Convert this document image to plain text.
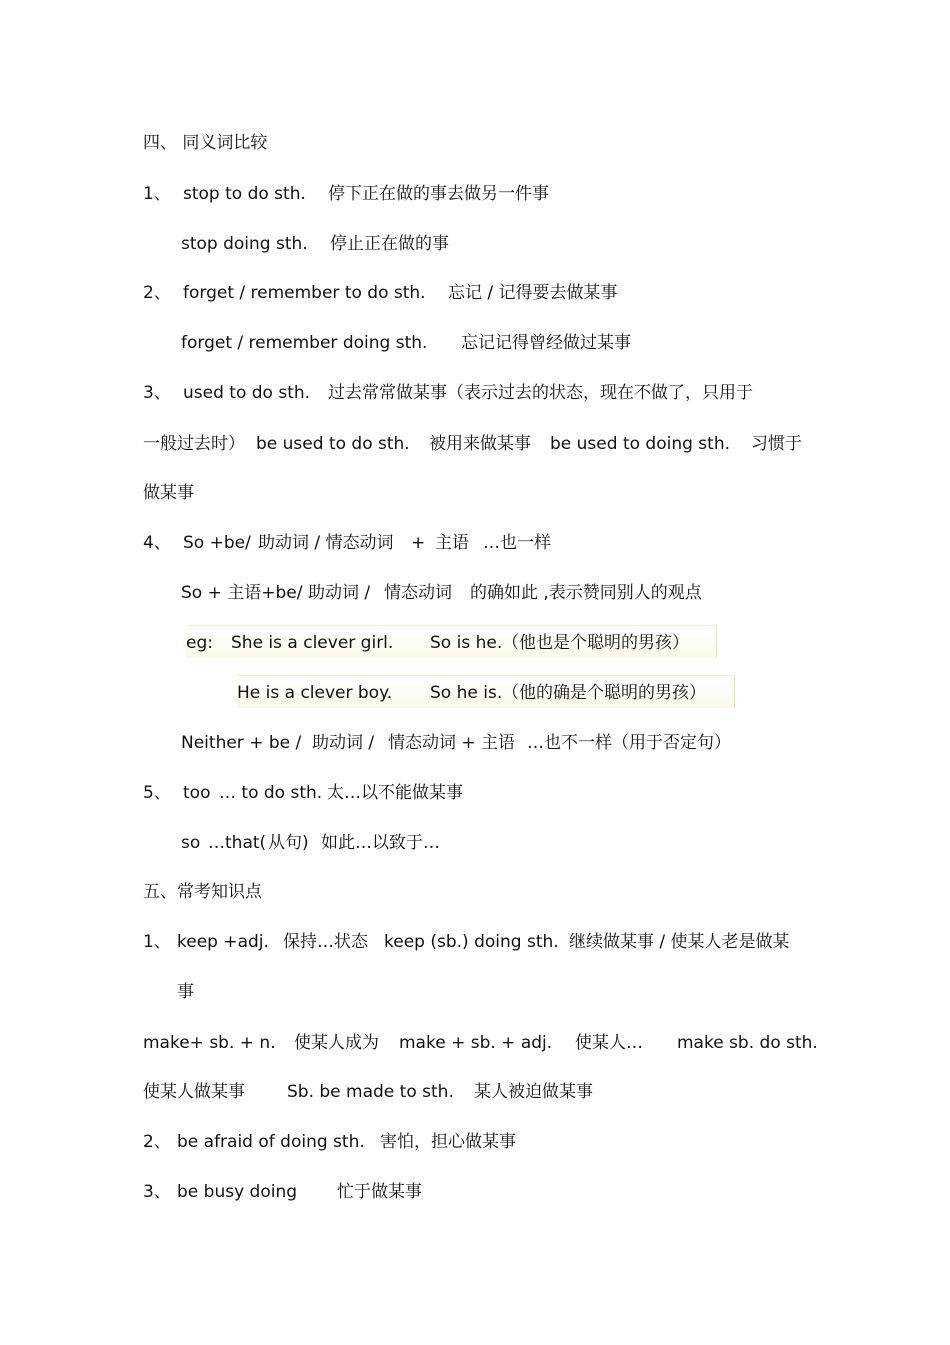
四、 同义词比较
1、 stop to do sth. 停下正在做的事去做另一件事
stop doing sth. 停止正在做的事
2、 forget / remember to do sth. 忘记 / 记得要去做某事
forget / remember doing sth. 忘记记得曾经做过某事
3、 used to do sth. 过去常常做某事（表示过去的状态，现在不做了，只用于
一般过去时） be used to do sth. 被用来做某事 be used to doing sth. 习惯于
做某事
4、 So +be/ 助动词 / 情态动词 + 主语 …也一样
So + 主语+be/ 助动词 / 情态动词 的确如此 ,表示赞同别人的观点
eg: She is a clever girl. So is he.（他也是个聪明的男孩）
He is a clever boy. So he is.（他的确是个聪明的男孩）
Neither + be / 助动词 / 情态动词 + 主语 …也不一样（用于否定句）
5、 too … to do sth. 太…以不能做某事
so …that( 从句) 如此…以致于…
五、常考知识点
1、 keep +adj. 保持…状态 keep (sb.) doing sth. 继续做某事 / 使某人老是做某
事
make+ sb. + n. 使某人成为 make + sb. + adj. 使某人… make sb. do sth.
使某人做某事 Sb. be made to sth. 某人被迫做某事
2、 be afraid of doing sth. 害怕，担心做某事
3、 be busy doing 忙于做某事
